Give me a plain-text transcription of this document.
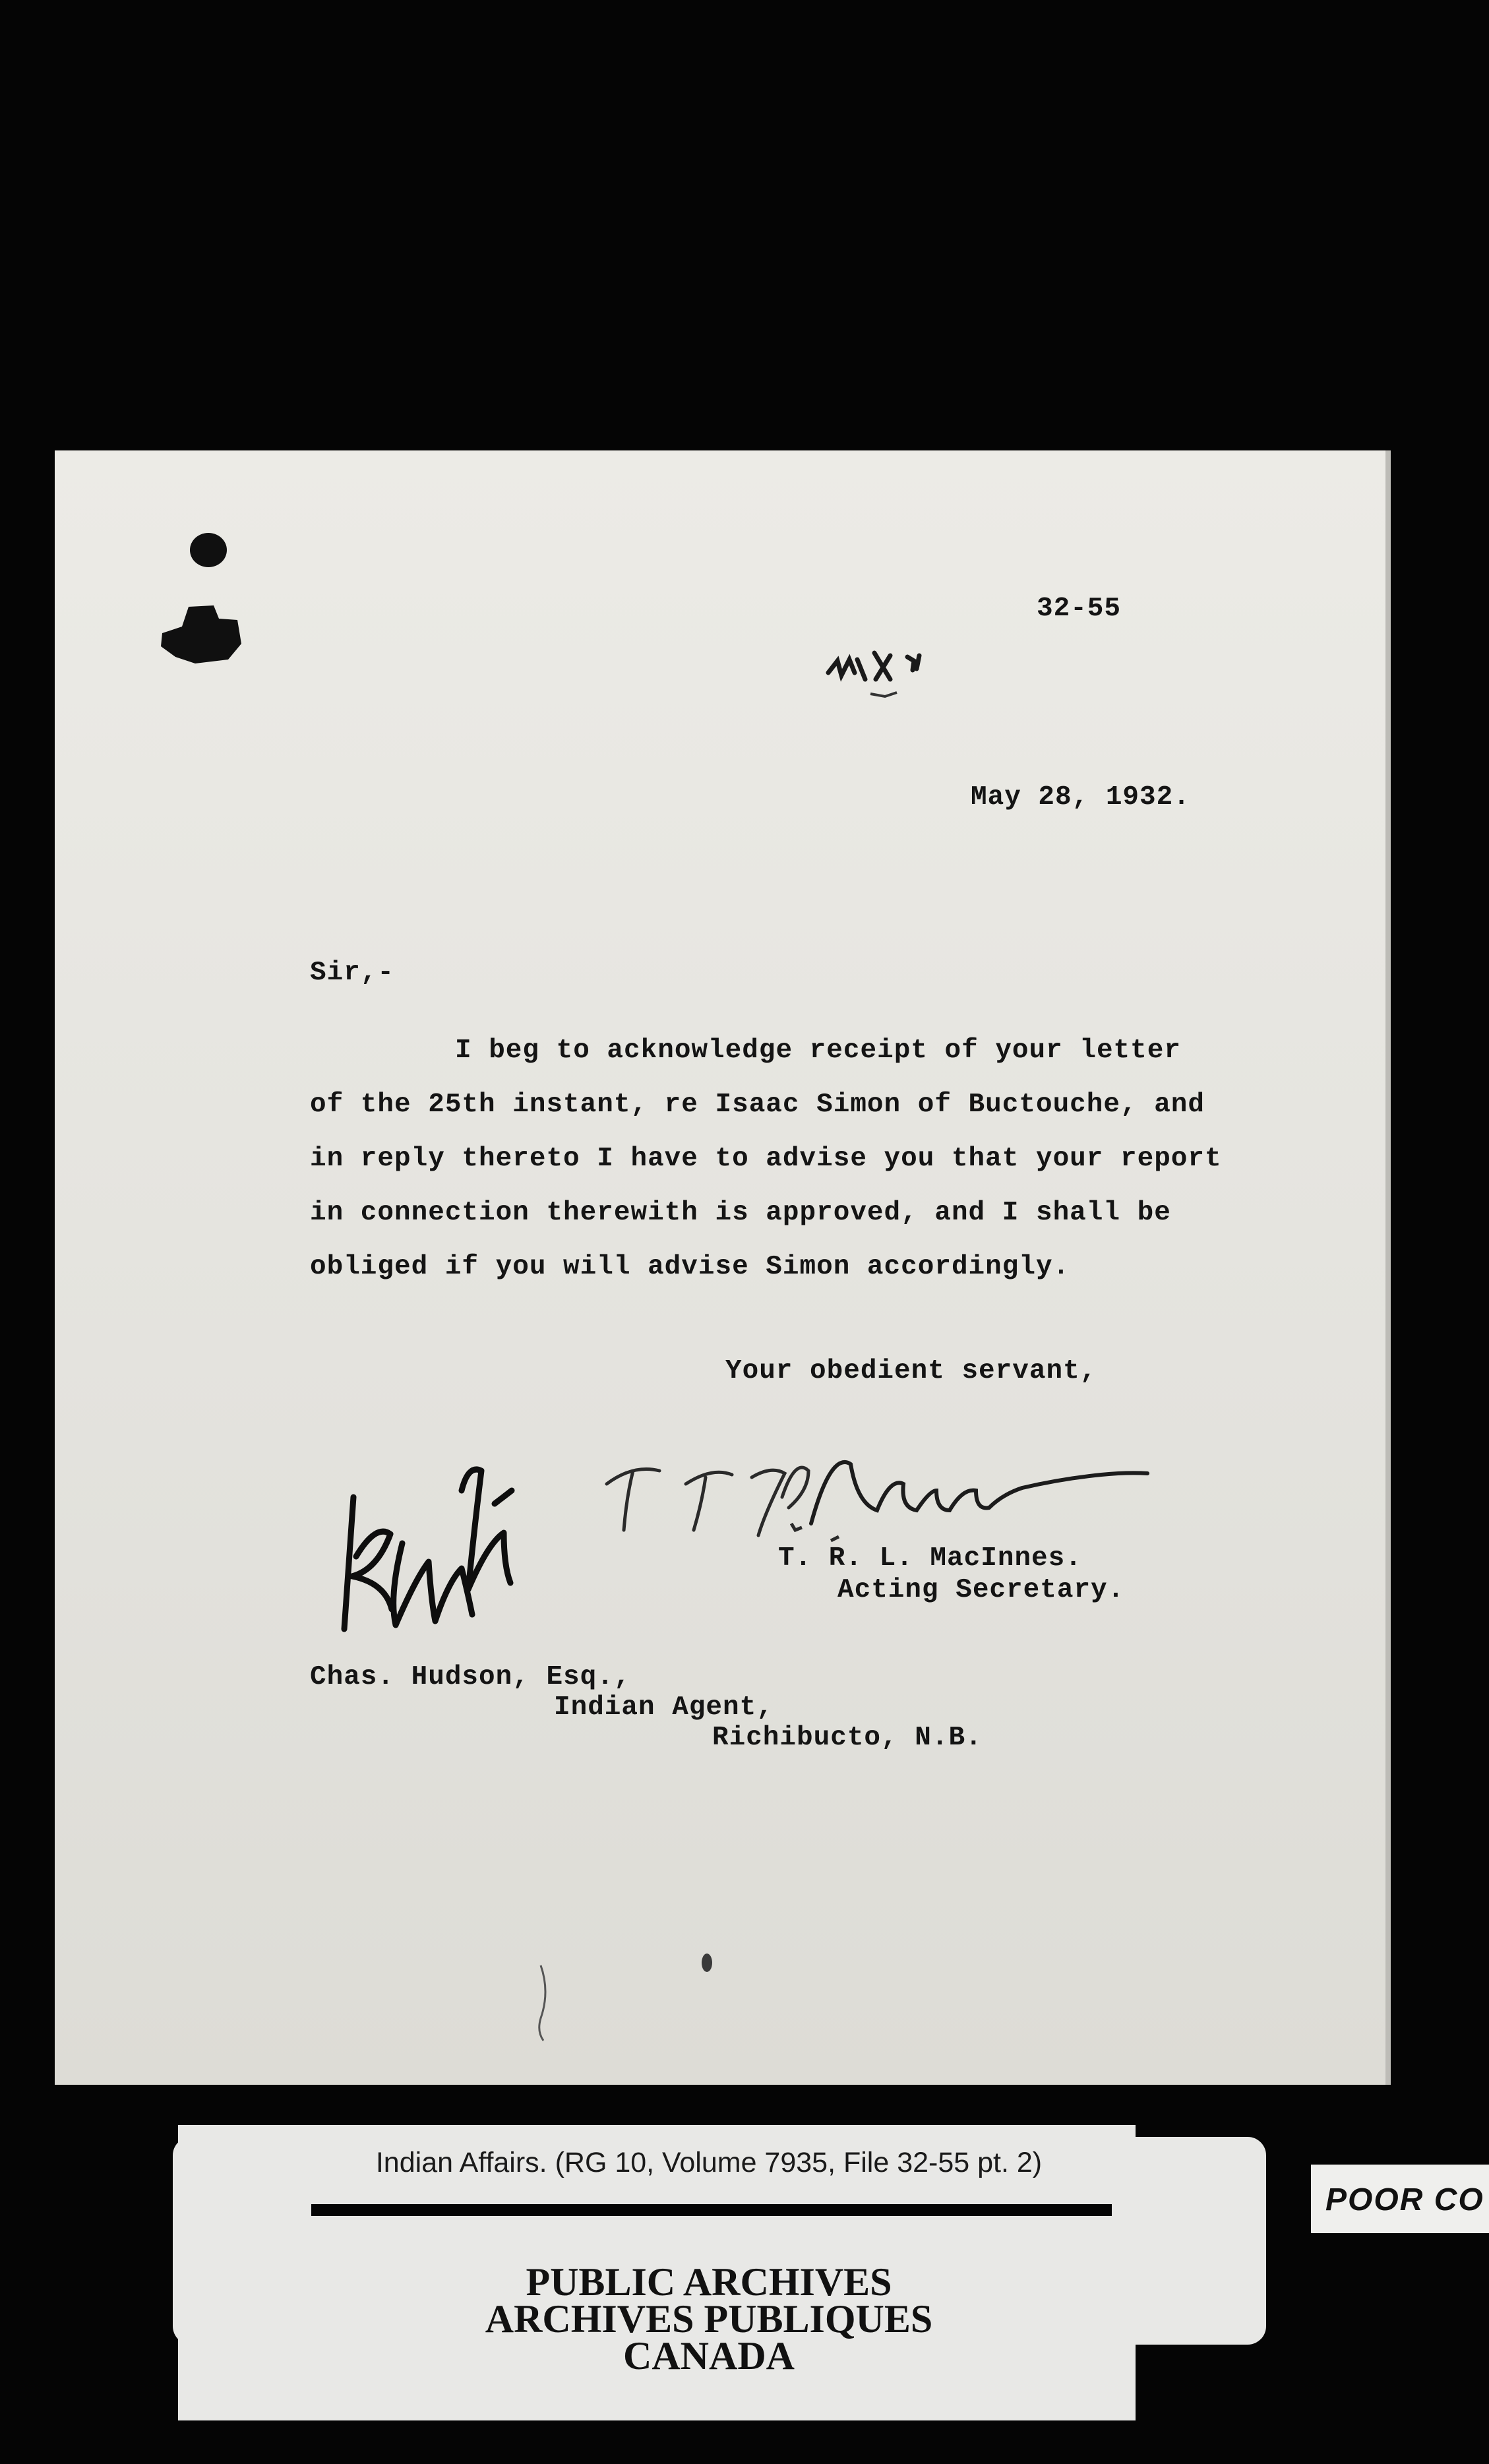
32-55
May 28, 1932.
Sir,-
I beg to acknowledge receipt of your letter
of the 25th instant, re Isaac Simon of Buctouche, and
in reply thereto I have to advise you that your report
in connection therewith is approved, and I shall be
obliged if you will advise Simon accordingly.
Your obedient servant,
T. R. L. MacInnes.
Acting Secretary.
Chas. Hudson, Esq.,
Indian Agent,
Richibucto, N.B.
Indian Affairs. (RG 10, Volume 7935, File 32-55 pt. 2)
PUBLIC ARCHIVES
ARCHIVES PUBLIQUES
CANADA
POOR CO
